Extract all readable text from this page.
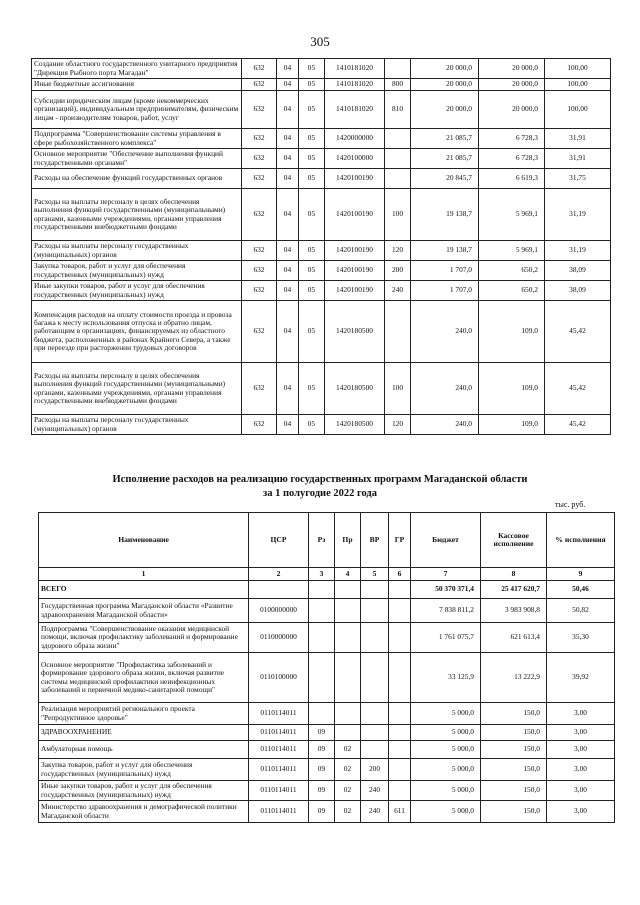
305
Создание областного государственного унитарного предприятия "Дирекция Рыбного порта Магадан"	632	04	05	1410181020		20 000,0	20 000,0	100,00
Иные бюджетные ассигнования	632	04	05	1410181020	800	20 000,0	20 000,0	100,00
Субсидии юридическим лицам (кроме некоммерческих организаций), индивидуальным предпринимателям, физическим лицам - производителям товаров, работ, услуг	632	04	05	1410181020	810	20 000,0	20 000,0	100,00
Подпрограмма "Совершенствование системы управления в сфере рыбохозяйственного комплекса"	632	04	05	1420000000		21 085,7	6 728,3	31,91
Основное мероприятие "Обеспечение выполнения функций государственными органами"	632	04	05	1420100000		21 085,7	6 728,3	31,91
Расходы на обеспечение функций государственных органов	632	04	05	1420100190		20 845,7	6 619,3	31,75
Расходы на выплаты персоналу в целях обеспечения выполнения функций государственными (муниципальными) органами, казенными учреждениями, органами управления государственными внебюджетными фондами	632	04	05	1420100190	100	19 138,7	5 969,1	31,19
Расходы на выплаты персоналу государственных (муниципальных) органов	632	04	05	1420100190	120	19 138,7	5 969,1	31,19
Закупка товаров, работ и услуг для обеспечения государственных (муниципальных) нужд	632	04	05	1420100190	200	1 707,0	650,2	38,09
Иные закупки товаров, работ и услуг для обеспечения государственных (муниципальных) нужд	632	04	05	1420100190	240	1 707,0	650,2	38,09
Компенсация расходов на оплату стоимости проезда и провоза багажа к месту использования отпуска и обратно лицам, работающим в организациях, финансируемых из областного бюджета, расположенных в районах Крайнего Севера, а также при переезде при расторжении трудовых договоров	632	04	05	1420180500		240,0	109,0	45,42
Расходы на выплаты персоналу в целях обеспечения выполнения функций государственными (муниципальными) органами, казенными учреждениями, органами управления государственными внебюджетными фондами	632	04	05	1420180500	100	240,0	109,0	45,42
Расходы на выплаты персоналу государственных (муниципальных) органов	632	04	05	1420180500	120	240,0	109,0	45,42
Исполнение расходов на реализацию государственных программ Магаданской области
за 1 полугодие 2022 года
тыс. руб.
Наименование	ЦСР	Рз	Пр	ВР	ГР	Бюджет	Кассовое исполнение	% исполнения
1	2	3	4	5	6	7	8	9
ВСЕГО						50 370 371,4	25 417 620,7	50,46
Государственная программа Магаданской области «Развитие здравоохранения Магаданской области»	0100000000					7 838 811,2	3 983 908,8	50,82
Подпрограмма "Совершенствование оказания медицинской помощи, включая профилактику заболеваний и формирование здорового образа жизни"	0110000000					1 761 075,7	621 613,4	35,30
Основное мероприятие "Профилактика заболеваний и формирование здорового образа жизни, включая развитие системы медицинской профилактики неинфекционных заболеваний и первичной медико-санитарной помощи"	0110100000					33 125,9	13 222,9	39,92
Реализация мероприятий регионального проекта "Репродуктивное здоровье"	0110114011					5 000,0	150,0	3,00
ЗДРАВООХРАНЕНИЕ	0110114011	09				5 000,0	150,0	3,00
Амбулаторная помощь	0110114011	09	02			5 000,0	150,0	3,00
Закупка товаров, работ и услуг для обеспечения государственных (муниципальных) нужд	0110114011	09	02	200		5 000,0	150,0	3,00
Иные закупки товаров, работ и услуг для обеспечения государственных (муниципальных) нужд	0110114011	09	02	240		5 000,0	150,0	3,00
Министерство здравоохранения и демографической политики Магаданской области	0110114011	09	02	240	611	5 000,0	150,0	3,00
